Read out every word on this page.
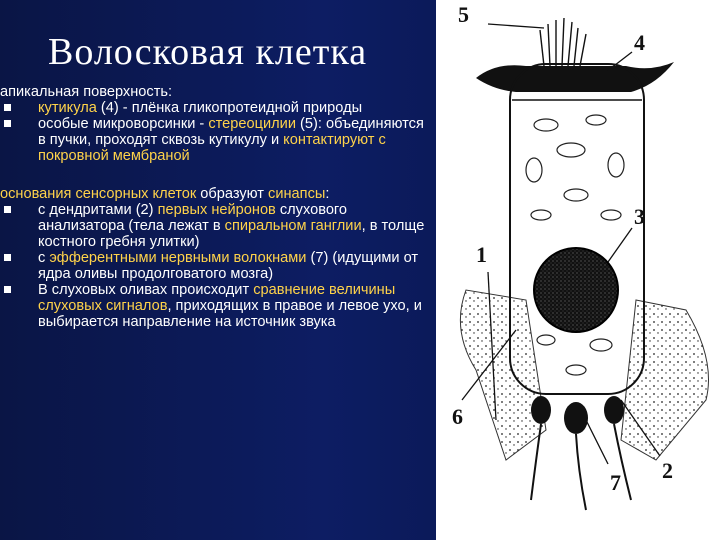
Волосковая клетка
апикальная поверхность:
кутикула (4) - плёнка гликопротеидной природы
особые микроворсинки - стереоцилии (5): объединяются в пучки, проходят сквозь кутикулу и контактируют с покровной мембраной
основания сенсорных клеток образуют синапсы:
с дендритами (2) первых нейронов слухового анализатора (тела лежат в спиральном ганглии, в толще костного гребня улитки)
с эфферентными нервными волокнами (7) (идущими от ядра оливы продолговатого мозга)
В слуховых оливах происходит сравнение величины слуховых сигналов, приходящих в правое и левое ухо, и выбирается направление на источник звука
5
4
3
1
6
7 2
